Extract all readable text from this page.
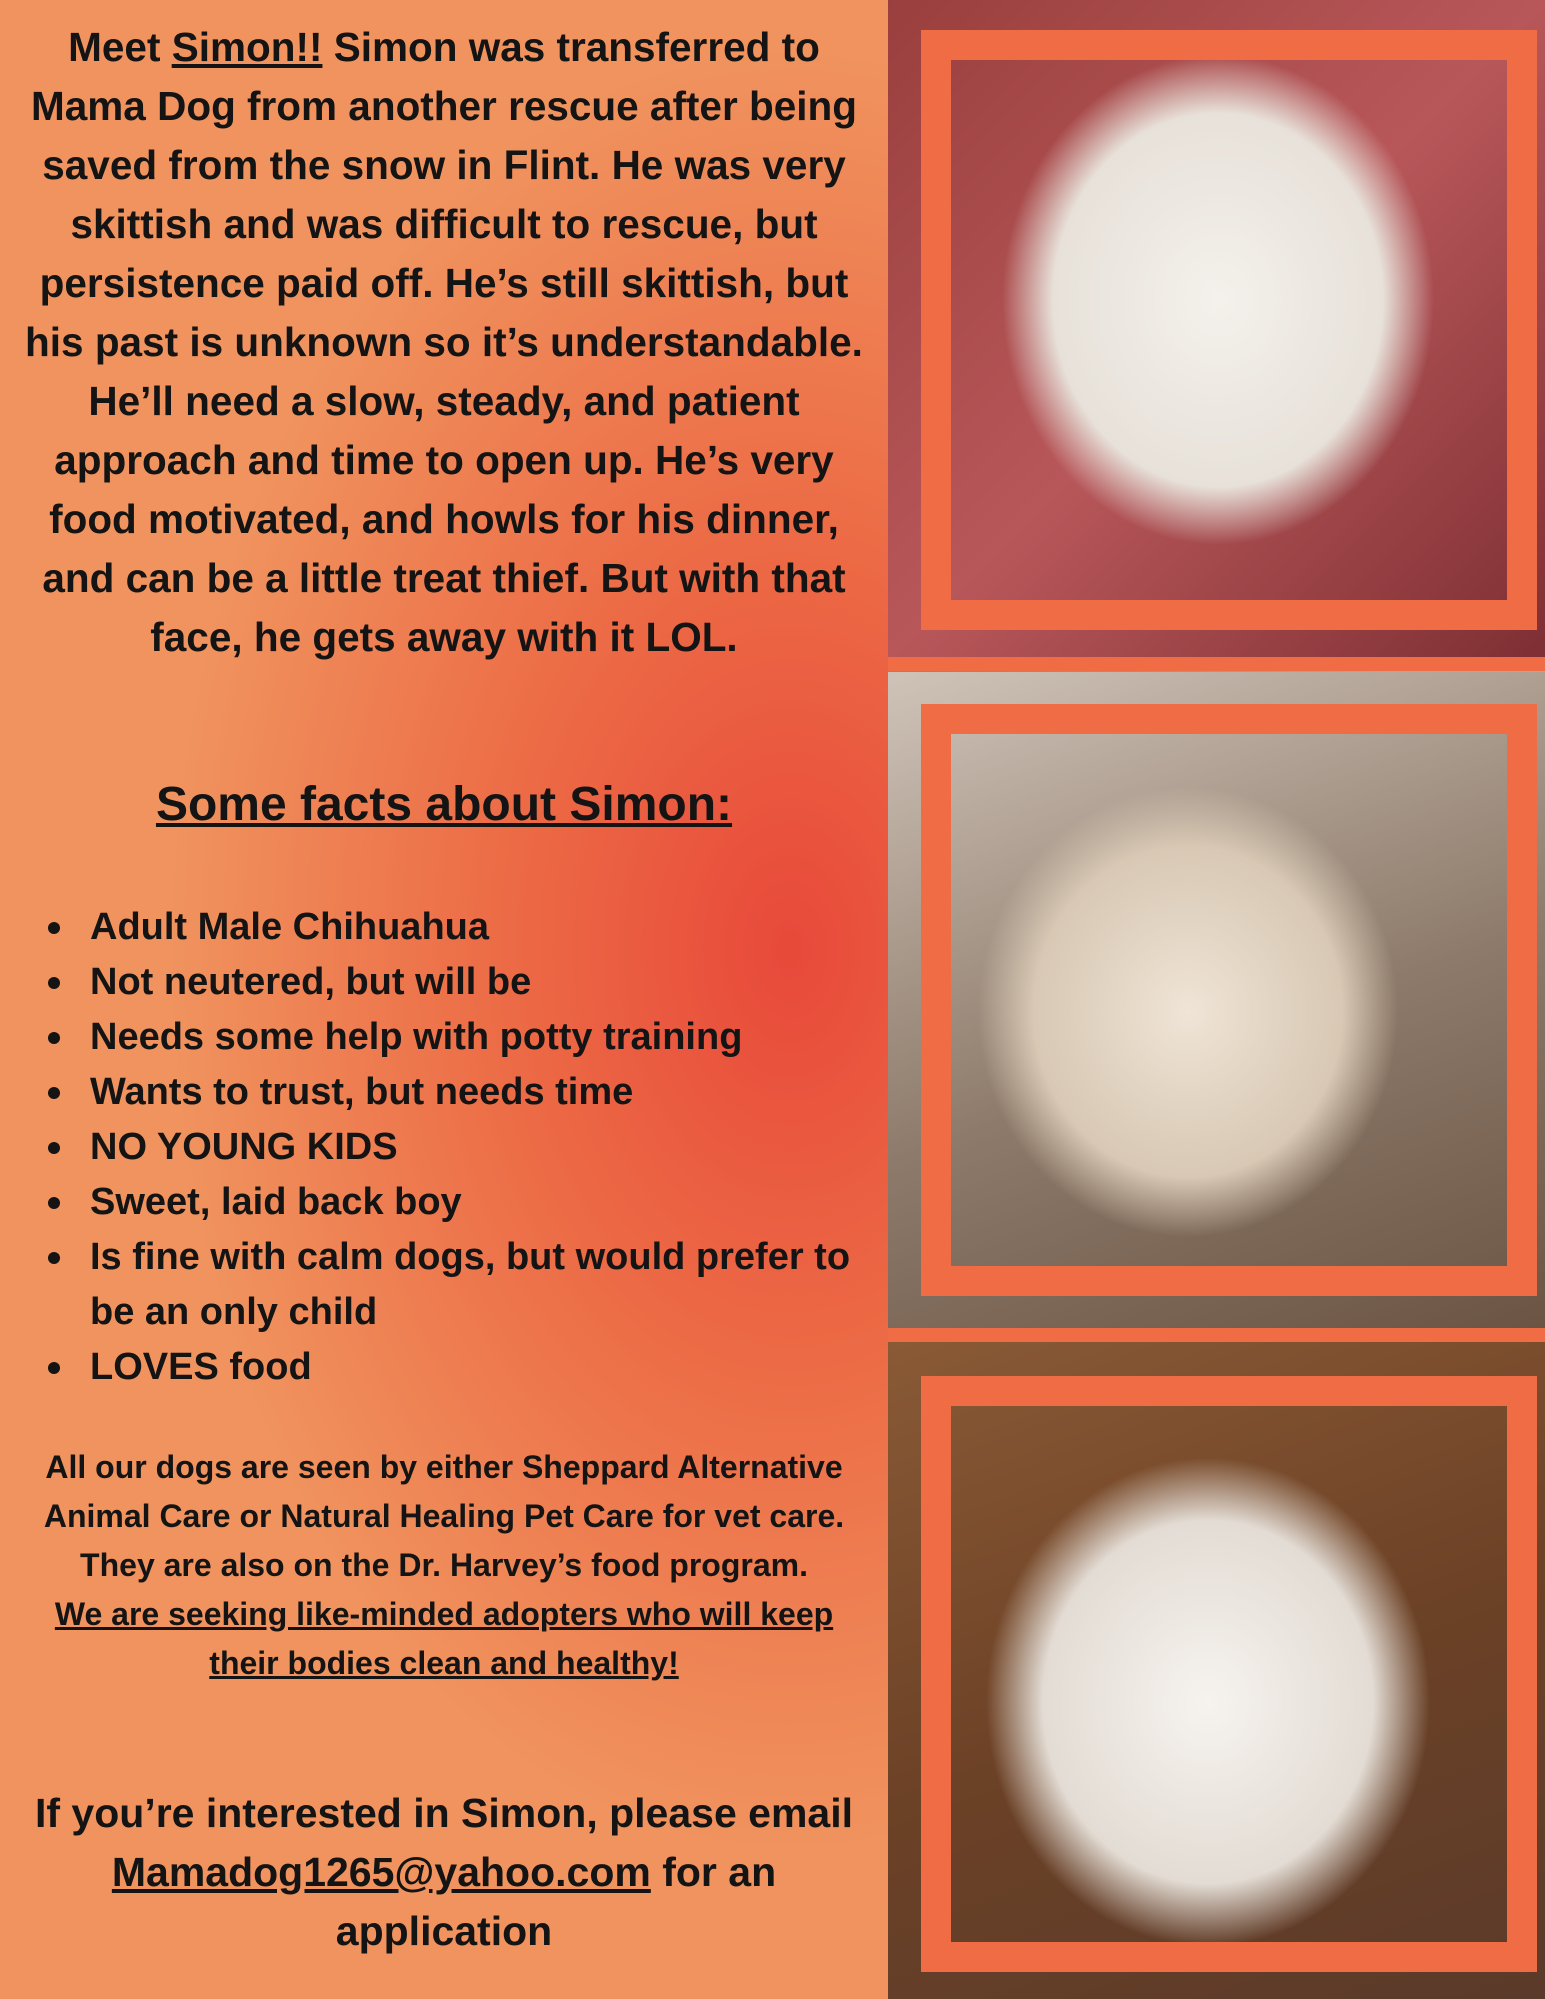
Meet Simon!! Simon was transferred to Mama Dog from another rescue after being saved from the snow in Flint. He was very skittish and was difficult to rescue, but persistence paid off. He’s still skittish, but his past is unknown so it’s understandable. He’ll need a slow, steady, and patient approach and time to open up. He’s very food motivated, and howls for his dinner, and can be a little treat thief. But with that face, he gets away with it LOL.

Some facts about Simon:
Adult Male Chihuahua
Not neutered, but will be
Needs some help with potty training
Wants to trust, but needs time
NO YOUNG KIDS
Sweet, laid back boy
Is fine with calm dogs, but would prefer to be an only child
LOVES food

All our dogs are seen by either Sheppard Alternative Animal Care or Natural Healing Pet Care for vet care. They are also on the Dr. Harvey’s food program.
We are seeking like-minded adopters who will keep their bodies clean and healthy!

If you’re interested in Simon, please email Mamadog1265@yahoo.com for an application
